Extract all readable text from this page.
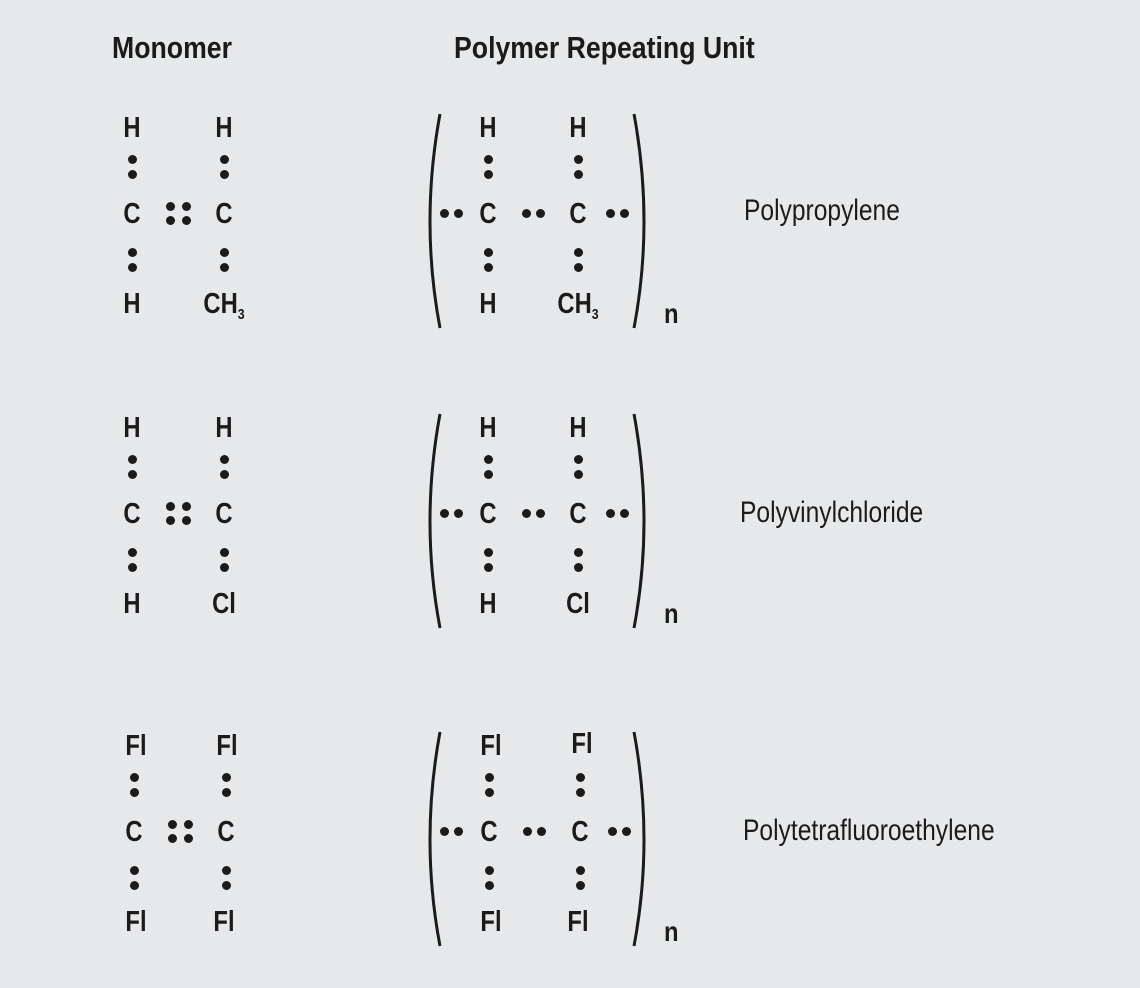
Monomer	Polymer Repeating Unit
H	H
C	C
H $CH_3$
H	H
C	C
H $CH_3$ n
Polypropylene
H	H
C	C
H Cl
H	H
C	C
H Cl	n
Polyvinylchloride
Fl Fl
C	C
Fl Fl
Fl Fl
C	C
Fl Fl	n
Polytetrafluoroethylene
